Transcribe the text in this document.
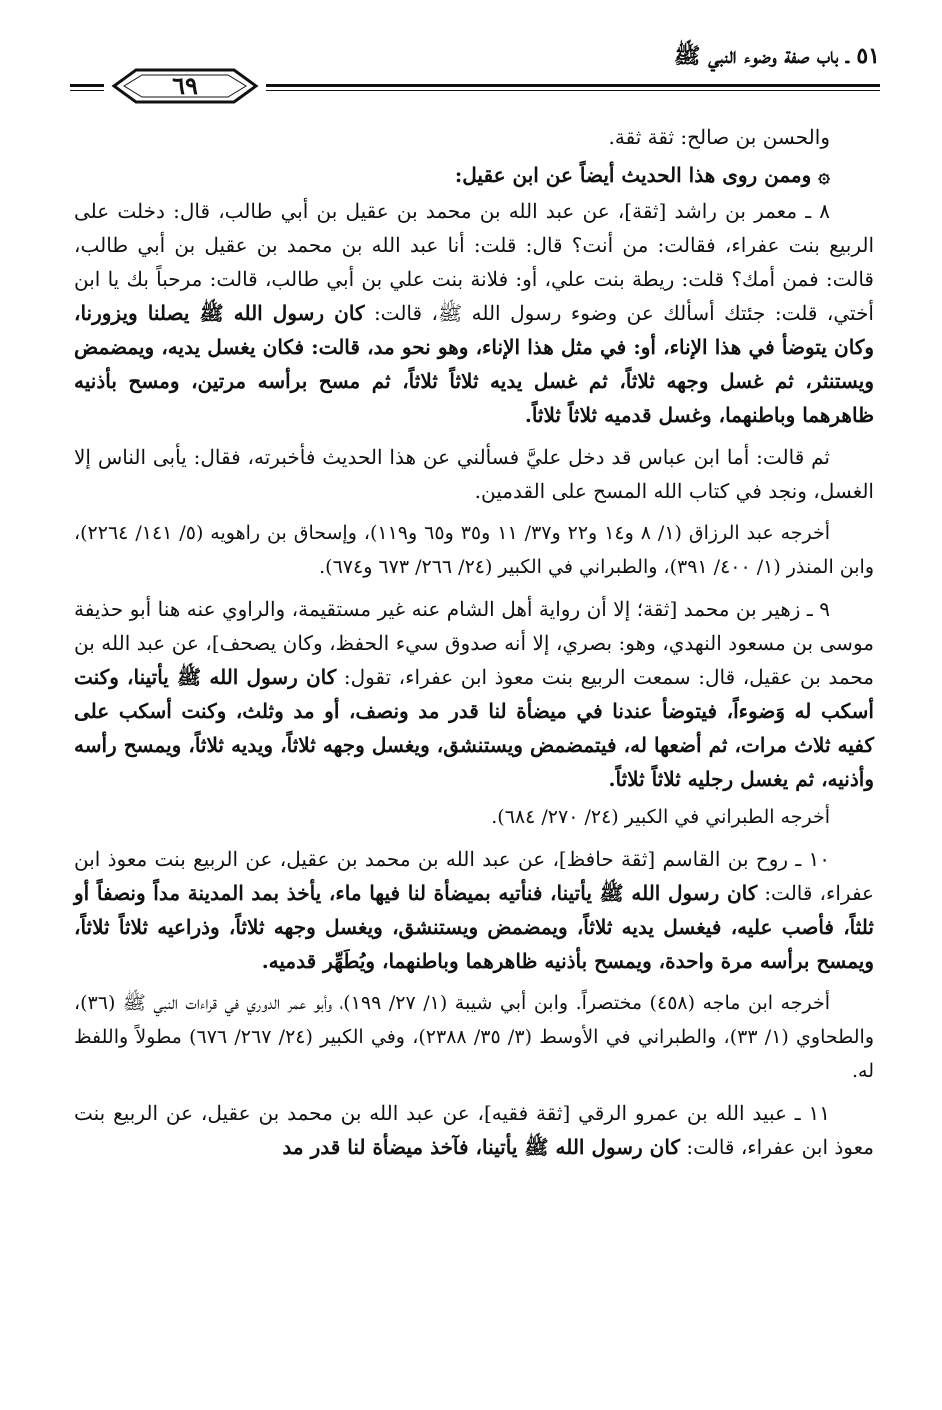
٥١ ـ باب صفة وضوء النبي ﷺ
٦٩

والحسن بن صالح: ثقة ثقة.

۞ وممن روى هذا الحديث أيضاً عن ابن عقيل:

٨ ـ معمر بن راشد [ثقة]، عن عبد الله بن محمد بن عقيل بن أبي طالب، قال: دخلت على الربيع بنت عفراء، فقالت: من أنت؟ قال: قلت: أنا عبد الله بن محمد بن عقيل بن أبي طالب، قالت: فمن أمك؟ قلت: ريطة بنت علي، أو: فلانة بنت علي بن أبي طالب، قالت: مرحباً بك يا ابن أختي، قلت: جئتك أسألك عن وضوء رسول الله ﷺ، قالت: كان رسول الله ﷺ يصلنا ويزورنا، وكان يتوضأ في هذا الإناء، أو: في مثل هذا الإناء، وهو نحو مد، قالت: فكان يغسل يديه، ويمضمض ويستنثر، ثم غسل وجهه ثلاثاً، ثم غسل يديه ثلاثاً ثلاثاً، ثم مسح برأسه مرتين، ومسح بأذنيه ظاهرهما وباطنهما، وغسل قدميه ثلاثاً ثلاثاً.

ثم قالت: أما ابن عباس قد دخل عليَّ فسألني عن هذا الحديث فأخبرته، فقال: يأبى الناس إلا الغسل، ونجد في كتاب الله المسح على القدمين.

أخرجه عبد الرزاق (١/ ٨ و١٤ و٢٢ و٣٧/ ١١ و٣٥ و٦٥ و١١٩)، وإسحاق بن راهويه (٥/ ١٤١/ ٢٢٦٤)، وابن المنذر (١/ ٤٠٠/ ٣٩١)، والطبراني في الكبير (٢٤/ ٢٦٦/ ٦٧٣ و٦٧٤).

٩ ـ زهير بن محمد [ثقة؛ إلا أن رواية أهل الشام عنه غير مستقيمة، والراوي عنه هنا أبو حذيفة موسى بن مسعود النهدي، وهو: بصري، إلا أنه صدوق سيء الحفظ، وكان يصحف]، عن عبد الله بن محمد بن عقيل، قال: سمعت الربيع بنت معوذ ابن عفراء، تقول: كان رسول الله ﷺ يأتينا، وكنت أسكب له وَضوءاً، فيتوضأ عندنا في ميضأة لنا قدر مد ونصف، أو مد وثلث، وكنت أسكب على كفيه ثلاث مرات، ثم أضعها له، فيتمضمض ويستنشق، ويغسل وجهه ثلاثاً، ويديه ثلاثاً، ويمسح رأسه وأذنيه، ثم يغسل رجليه ثلاثاً ثلاثاً.

أخرجه الطبراني في الكبير (٢٤/ ٢٧٠/ ٦٨٤).

١٠ ـ روح بن القاسم [ثقة حافظ]، عن عبد الله بن محمد بن عقيل، عن الربيع بنت معوذ ابن عفراء، قالت: كان رسول الله ﷺ يأتينا، فنأتيه بميضأة لنا فيها ماء، يأخذ بمد المدينة مداً ونصفاً أو ثلثاً، فأصب عليه، فيغسل يديه ثلاثاً، ويمضمض ويستنشق، ويغسل وجهه ثلاثاً، وذراعيه ثلاثاً ثلاثاً، ويمسح برأسه مرة واحدة، ويمسح بأذنيه ظاهرهما وباطنهما، ويُطَهِّر قدميه.

أخرجه ابن ماجه (٤٥٨) مختصراً. وابن أبي شيبة (١/ ٢٧/ ١٩٩)، وأبو عمر الدوري في قراءات النبي ﷺ (٣٦)، والطحاوي (١/ ٣٣)، والطبراني في الأوسط (٣/ ٣٥/ ٢٣٨٨)، وفي الكبير (٢٤/ ٢٦٧/ ٦٧٦) مطولاً واللفظ له.

١١ ـ عبيد الله بن عمرو الرقي [ثقة فقيه]، عن عبد الله بن محمد بن عقيل، عن الربيع بنت معوذ ابن عفراء، قالت: كان رسول الله ﷺ يأتينا، فآخذ ميضأة لنا قدر مد
